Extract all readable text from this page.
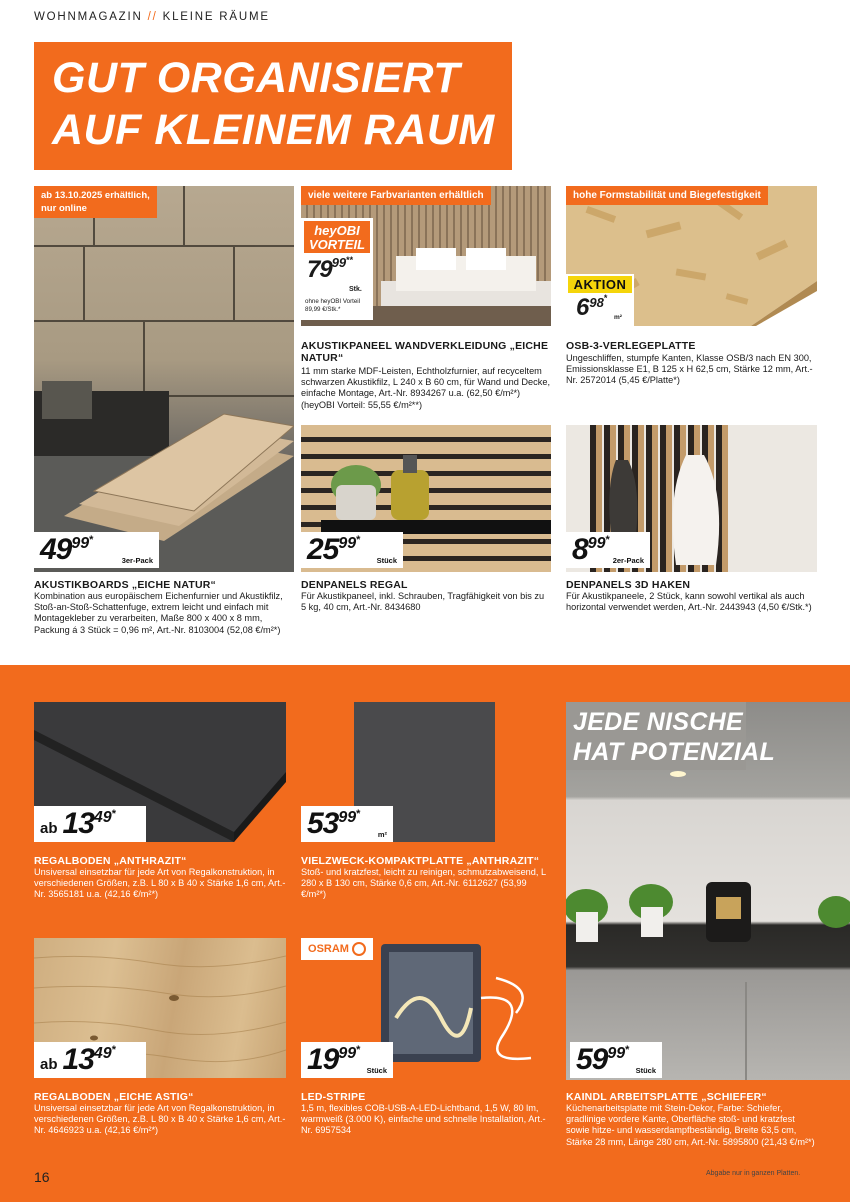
WOHNMAGAZIN // KLEINE RÄUME
GUT ORGANISIERT
AUF KLEINEM RAUM
ab 13.10.2025 erhältlich,
nur online
49 99 *
3er-Pack
viele weitere Farbvarianten erhältlich
heyOBI
VORTEIL
79 99 **
Stk.
ohne heyOBI Vorteil 89,99 €/Stk.*
hohe Formstabilität und Biegefestigkeit
AKTION
6 98 *
m²
AKUSTIKPANEEL WANDVERKLEIDUNG „EICHE NATUR“
11 mm starke MDF-Leisten, Echtholzfurnier, auf recyceltem schwarzen Akustikfilz, L 240 x B 60 cm, für Wand und Decke, einfache Montage, Art.-Nr. 8934267 u.a. (62,50 €/m²*) (heyOBI Vorteil: 55,55 €/m²**)
OSB-3-VERLEGEPLATTE
Ungeschliffen, stumpfe Kanten, Klasse OSB/3 nach EN 300, Emissionsklasse E1, B 125 x H 62,5 cm, Stärke 12 mm, Art.-Nr. 2572014 (5,45 €/Platte*)
25 99 *
Stück	8 99 *
2er-Pack
AKUSTIKBOARDS „EICHE NATUR“
Kombination aus europäischem Eichenfurnier und Akustikfilz, Stoß-an-Stoß-Schattenfuge, extrem leicht und einfach mit Montagekleber zu verarbeiten, Maße 800 x 400 x 8 mm, Packung á 3 Stück = 0,96 m², Art.-Nr. 8103004 (52,08 €/m²*)
DENPANELS REGAL
Für Akustikpaneel, inkl. Schrauben, Tragfähigkeit von bis zu 5 kg, 40 cm, Art.-Nr. 8434680
DENPANELS 3D HAKEN
Für Akustikpaneele, 2 Stück, kann sowohl vertikal als auch horizontal verwendet werden, Art.-Nr. 2443943 (4,50 €/Stk.*)
ab 13 49 *	53 99 *
m²
JEDE NISCHE
HAT POTENZIAL
REGALBODEN „ANTHRAZIT“
Unsiversal einsetzbar für jede Art von Regalkonstruktion, in verschiedenen Größen, z.B. L 80 x B 40 x Stärke 1,6 cm, Art.-Nr. 3565181 u.a. (42,16 €/m²*)
VIELZWECK-KOMPAKTPLATTE „ANTHRAZIT“
Stoß- und kratzfest, leicht zu reinigen, schmutzabweisend, L 280 x B 130 cm, Stärke 0,6 cm, Art.-Nr. 6112627 (53,99 €/m²*)
ab 13 49 *
OSRAM
19 99 *
Stück	59 99 *
Stück
REGALBODEN „EICHE ASTIG“
Unsiversal einsetzbar für jede Art von Regalkonstruktion, in verschiedenen Größen, z.B. L 80 x B 40 x Stärke 1,6 cm, Art.-Nr. 4646923 u.a. (42,16 €/m²*)
LED-STRIPE
1,5 m, flexibles COB-USB-A-LED-Lichtband, 1,5 W, 80 lm, warmweiß (3.000 K), einfache und schnelle Installation, Art.-Nr. 6957534
KAINDL ARBEITSPLATTE „SCHIEFER“
Küchenarbeitsplatte mit Stein-Dekor, Farbe: Schiefer, gradlinige vordere Kante, Oberfläche stoß- und kratzfest sowie hitze- und wasserdampfbeständig, Breite 63,5 cm, Stärke 28 mm, Länge 280 cm, Art.-Nr. 5895800 (21,43 €/m²*)
16	Abgabe nur in ganzen Platten.
